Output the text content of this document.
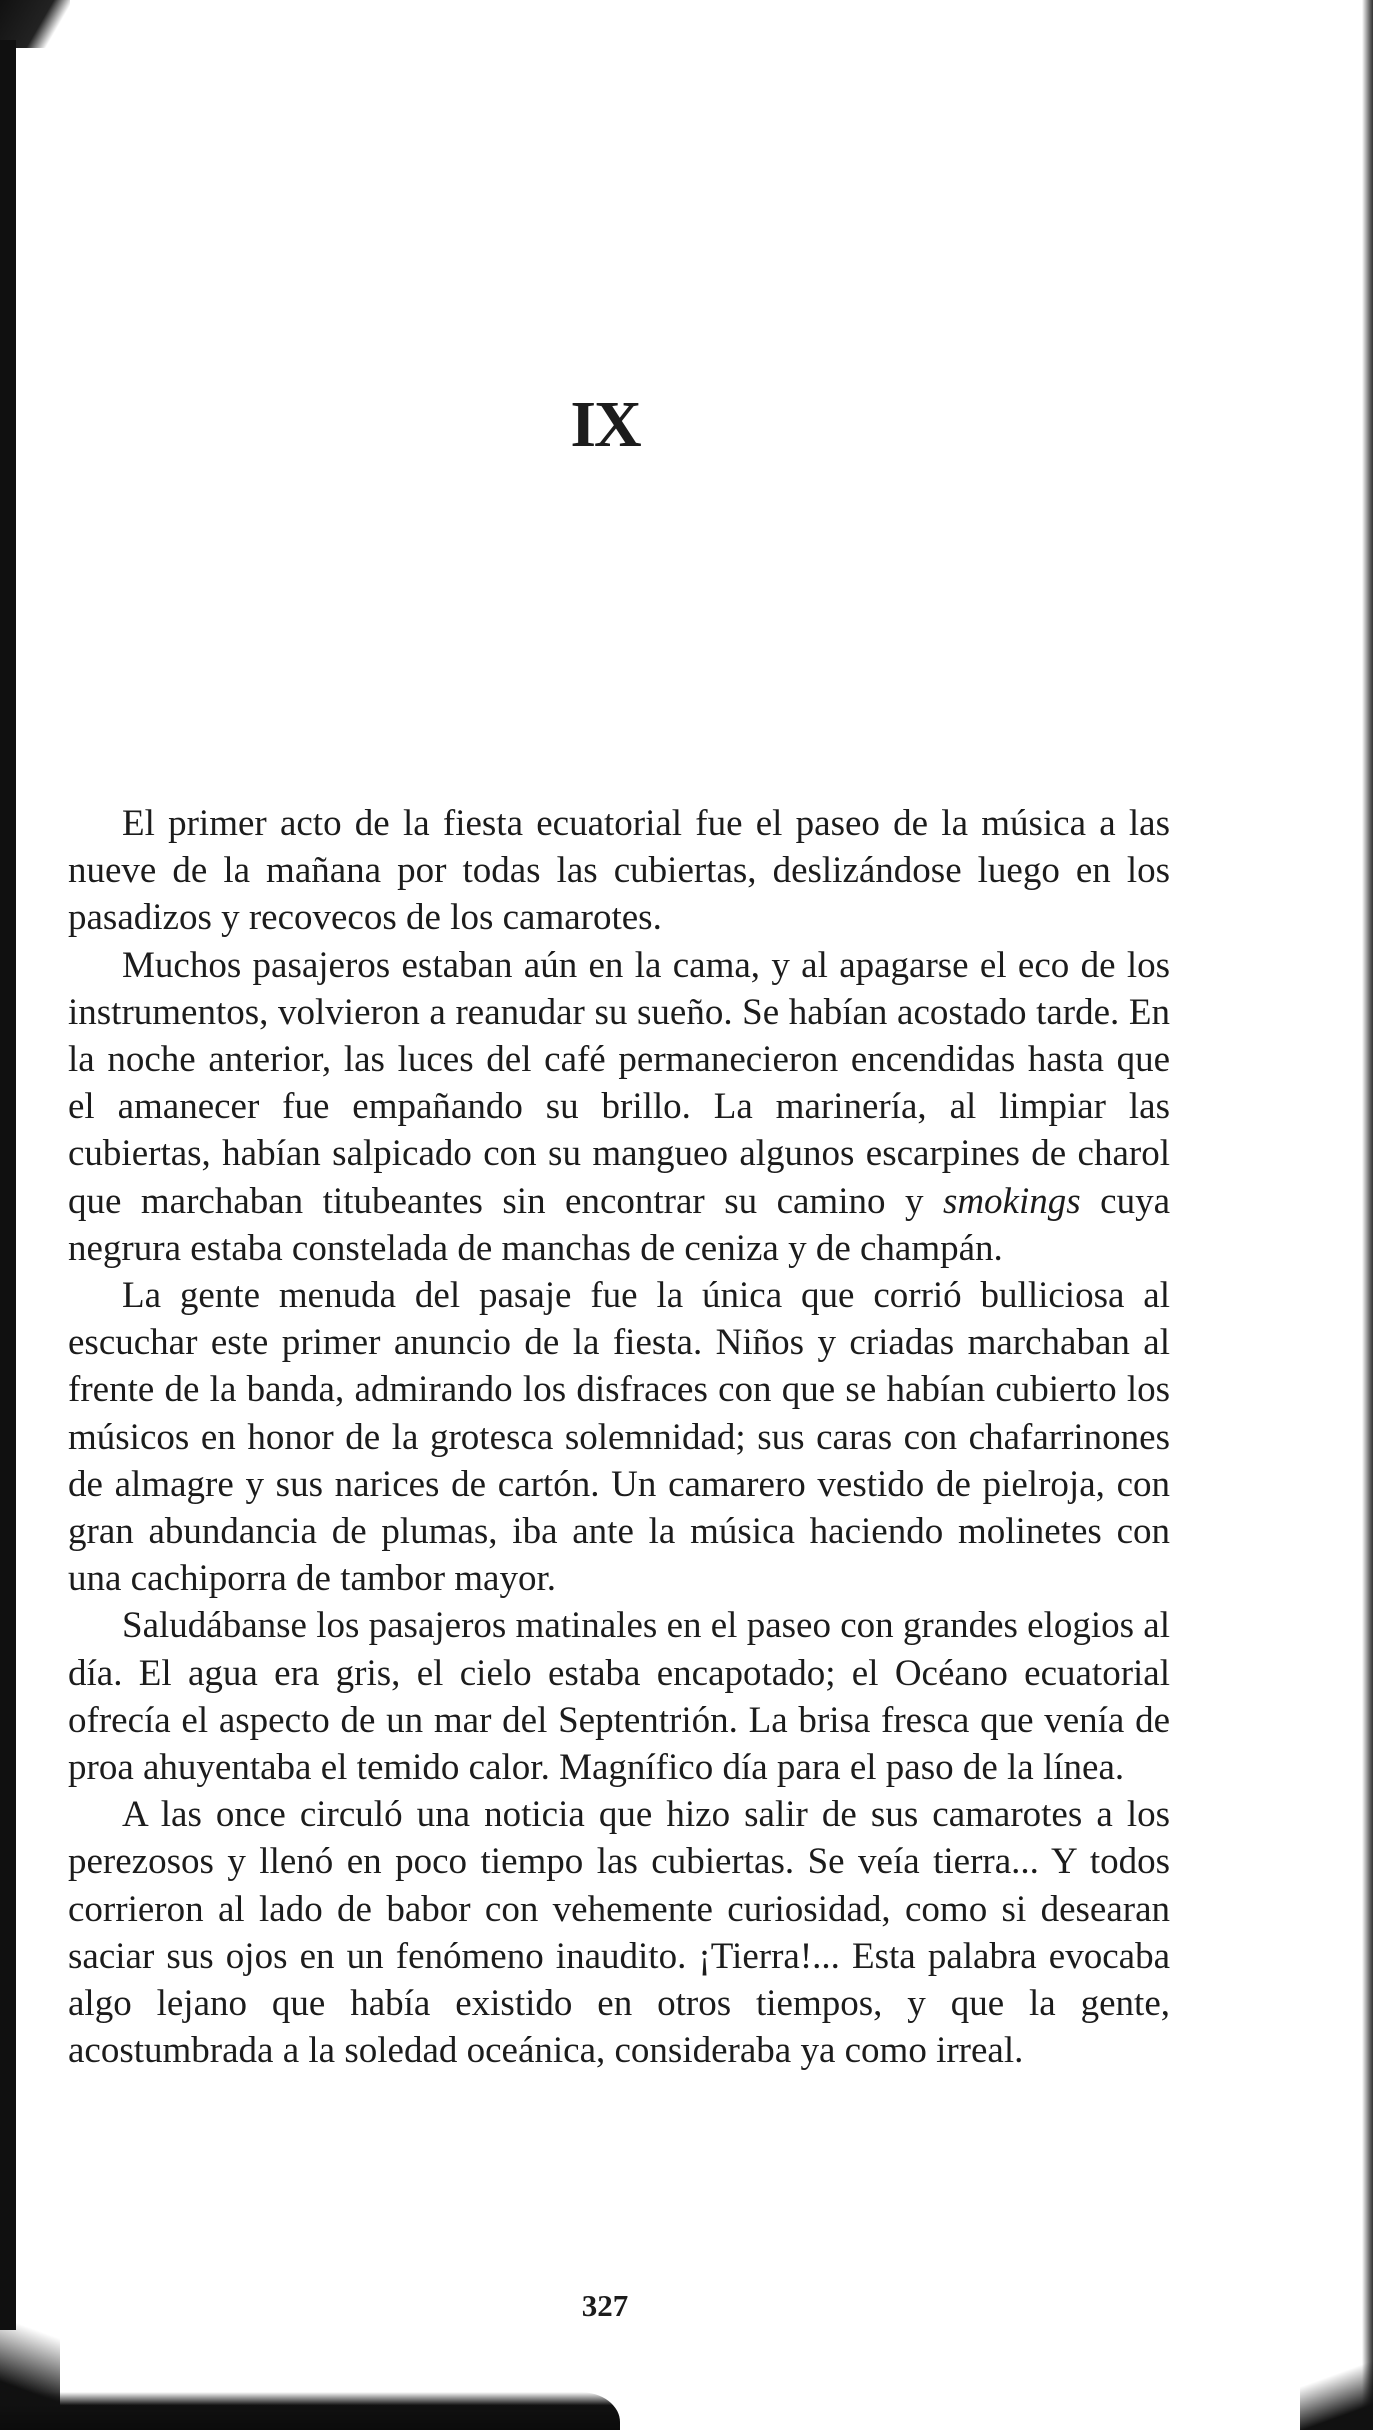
IX

El primer acto de la fiesta ecuatorial fue el paseo de la música a las nueve de la mañana por todas las cubiertas, deslizándose luego en los pasadizos y recovecos de los camarotes.

Muchos pasajeros estaban aún en la cama, y al apagarse el eco de los instrumentos, volvieron a reanudar su sueño. Se habían acostado tarde. En la noche anterior, las luces del café permanecieron encendidas hasta que el amanecer fue empañando su brillo. La marinería, al limpiar las cubiertas, habían salpicado con su mangueo algunos escarpines de charol que marchaban titubeantes sin encontrar su camino y smokings cuya negrura estaba constelada de manchas de ceniza y de champán.

La gente menuda del pasaje fue la única que corrió bulliciosa al escuchar este primer anuncio de la fiesta. Niños y criadas marchaban al frente de la banda, admirando los disfraces con que se habían cubierto los músicos en honor de la grotesca solemnidad; sus caras con chafarrinones de almagre y sus narices de cartón. Un camarero vestido de pielroja, con gran abundancia de plumas, iba ante la música haciendo molinetes con una cachiporra de tambor mayor.

Saludábanse los pasajeros matinales en el paseo con grandes elogios al día. El agua era gris, el cielo estaba encapotado; el Océano ecuatorial ofrecía el aspecto de un mar del Septentrión. La brisa fresca que venía de proa ahuyentaba el temido calor. Magnífico día para el paso de la línea.

A las once circuló una noticia que hizo salir de sus camarotes a los perezosos y llenó en poco tiempo las cubiertas. Se veía tierra... Y todos corrieron al lado de babor con vehemente curiosidad, como si desearan saciar sus ojos en un fenómeno inaudito. ¡Tierra!... Esta palabra evocaba algo lejano que había existido en otros tiempos, y que la gente, acostumbrada a la soledad oceánica, consideraba ya como irreal.

327
